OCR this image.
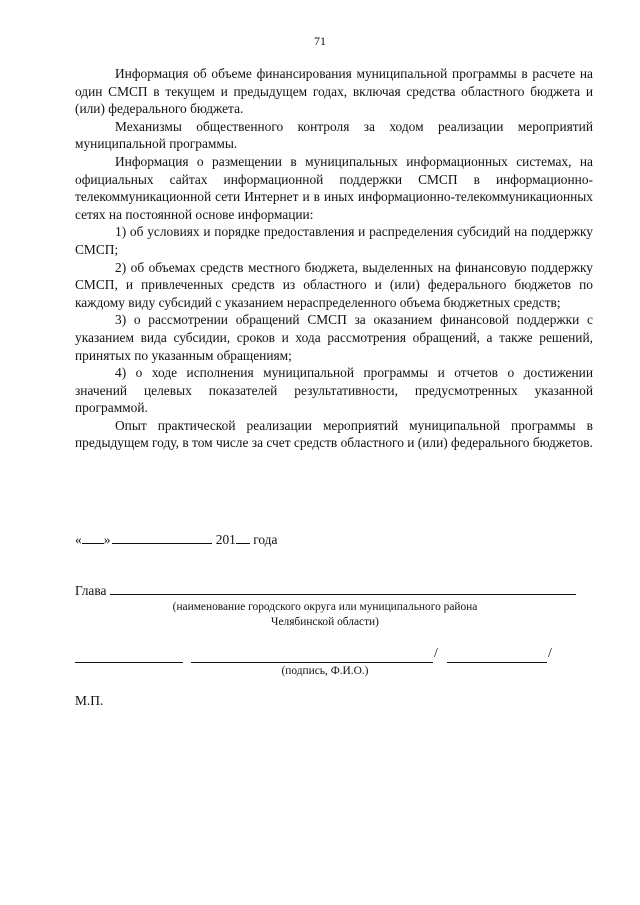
71

Информация об объеме финансирования муниципальной программы в расчете на один СМСП в текущем и предыдущем годах, включая средства областного бюджета и (или) федерального бюджета.

Механизмы общественного контроля за ходом реализации мероприятий муниципальной программы.

Информация о размещении в муниципальных информационных системах, на официальных сайтах информационной поддержки СМСП в информационно-телекоммуникационной сети Интернет и в иных информационно-телекоммуникационных сетях на постоянной основе информации:

1) об условиях и порядке предоставления и распределения субсидий на поддержку СМСП;

2) об объемах средств местного бюджета, выделенных на финансовую поддержку СМСП, и привлеченных средств из областного и (или) федерального бюджетов по каждому виду субсидий с указанием нераспределенного объема бюджетных средств;

3) о рассмотрении обращений СМСП за оказанием финансовой поддержки с указанием вида субсидии, сроков и хода рассмотрения обращений, а также решений, принятых по указанным обращениям;

4) о ходе исполнения муниципальной программы и отчетов о достижении значений целевых показателей результативности, предусмотренных указанной программой.

Опыт практической реализации мероприятий муниципальной программы в предыдущем году, в том числе за счет средств областного и (или) федерального бюджетов.

« »	201 года
Глава
(наименование городского округа или муниципального района
Челябинской области)
/	/
(подпись, Ф.И.О.)
М.П.
